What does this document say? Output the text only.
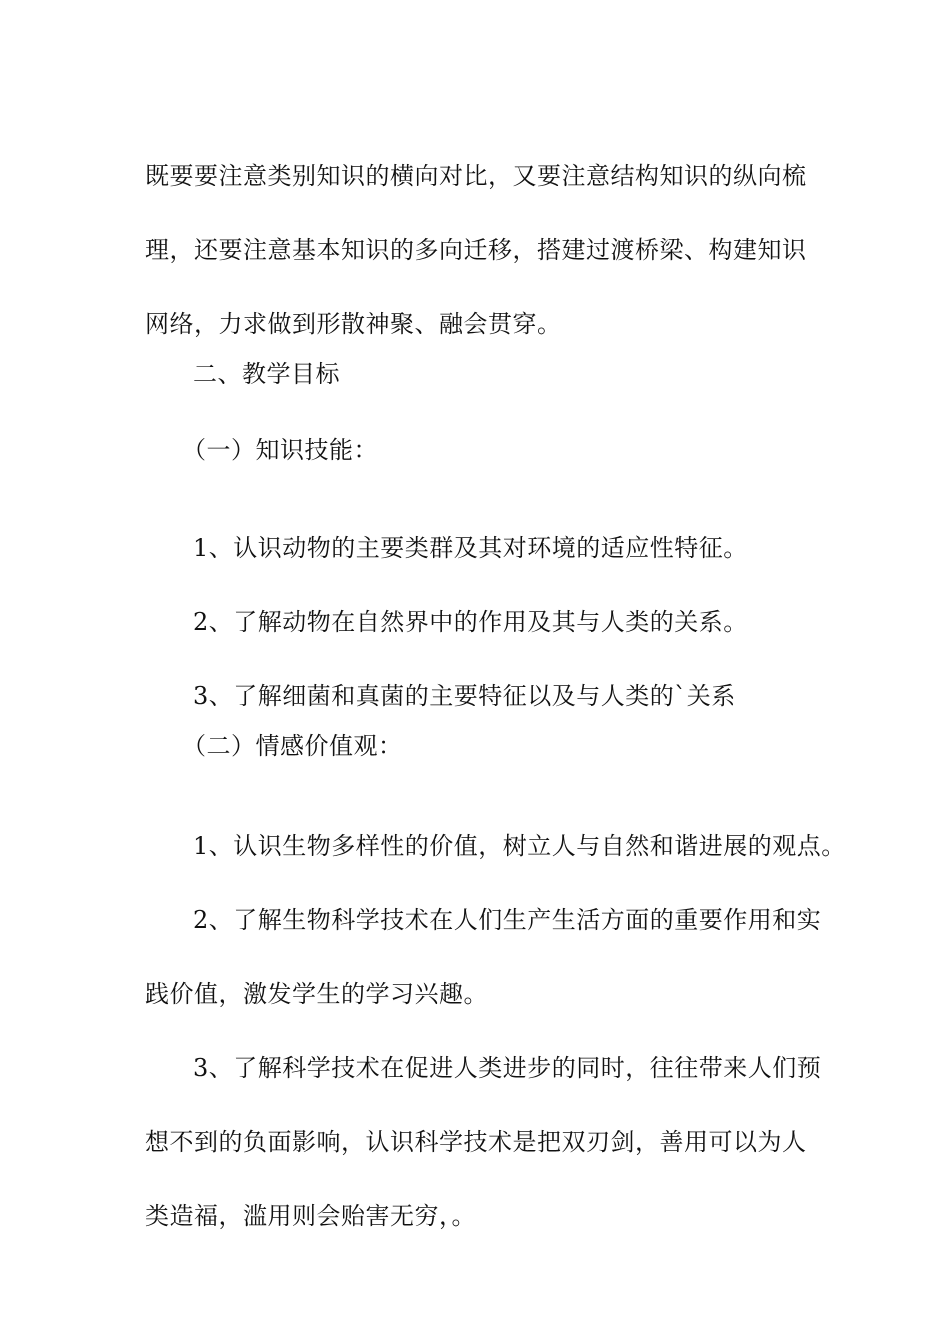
既要要注意类别知识的横向对比，又要注意结构知识的纵向梳

理，还要注意基本知识的多向迁移，搭建过渡桥梁、构建知识

网络，力求做到形散神聚、融会贯穿。

二、教学目标
（一）知识技能：

1、认识动物的主要类群及其对环境的适应性特征。

2、了解动物在自然界中的作用及其与人类的关系。

3、了解细菌和真菌的主要特征以及与人类的`关系

（二）情感价值观：

1、认识生物多样性的价值，树立人与自然和谐进展的观点。

2、了解生物科学技术在人们生产生活方面的重要作用和实

践价值，激发学生的学习兴趣。

3、了解科学技术在促进人类进步的同时，往往带来人们预

想不到的负面影响，认识科学技术是把双刃剑，善用可以为人

类造福，滥用则会贻害无穷，。
